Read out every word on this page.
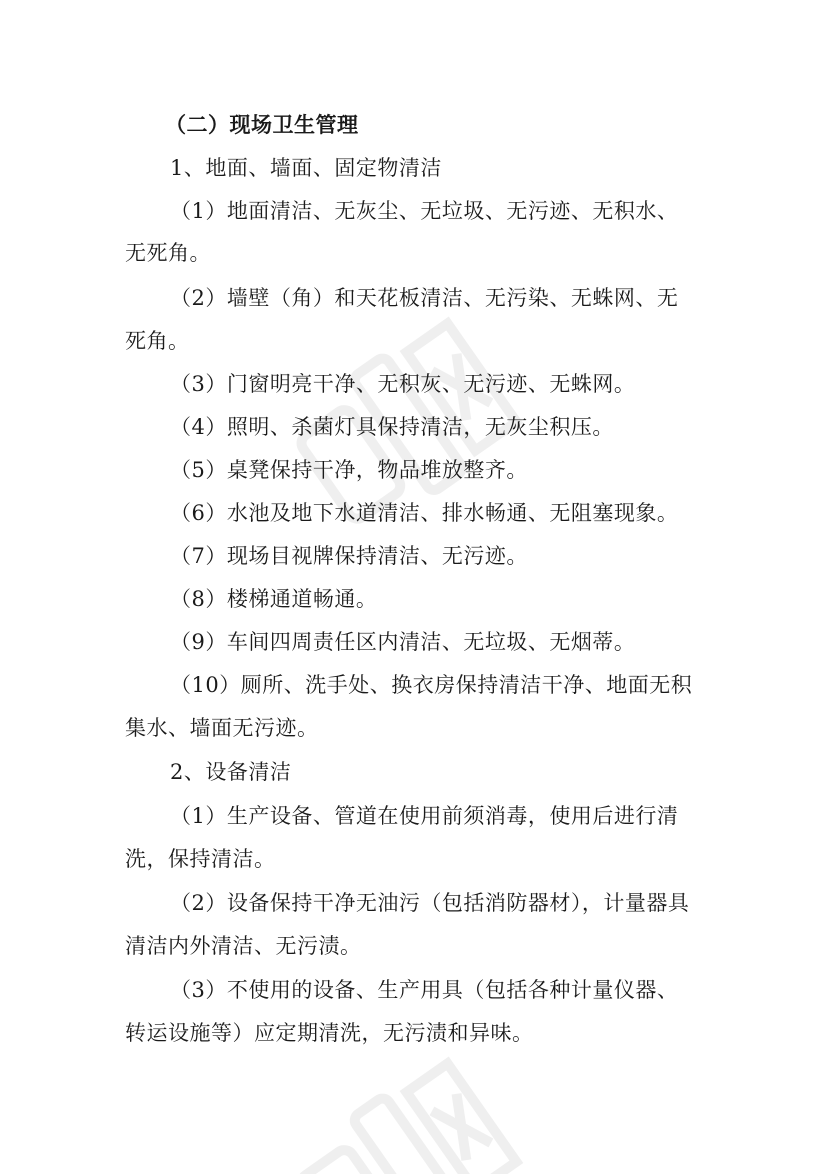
（二）现场卫生管理
1、地面、墙面、固定物清洁
（1）地面清洁、无灰尘、无垃圾、无污迹、无积水、
无死角。
（2）墙壁（角）和天花板清洁、无污染、无蛛网、无
死角。
（3）门窗明亮干净、无积灰、无污迹、无蛛网。
（4）照明、杀菌灯具保持清洁，无灰尘积压。
（5）桌凳保持干净，物品堆放整齐。
（6）水池及地下水道清洁、排水畅通、无阻塞现象。
（7）现场目视牌保持清洁、无污迹。
（8）楼梯通道畅通。
（9）车间四周责任区内清洁、无垃圾、无烟蒂。
（10）厕所、洗手处、换衣房保持清洁干净、地面无积
集水、墙面无污迹。
2、设备清洁
（1）生产设备、管道在使用前须消毒，使用后进行清
洗，保持清洁。
（2）设备保持干净无油污（包括消防器材），计量器具
清洁内外清洁、无污渍。
（3）不使用的设备、生产用具（包括各种计量仪器、
转运设施等）应定期清洗，无污渍和异味。
